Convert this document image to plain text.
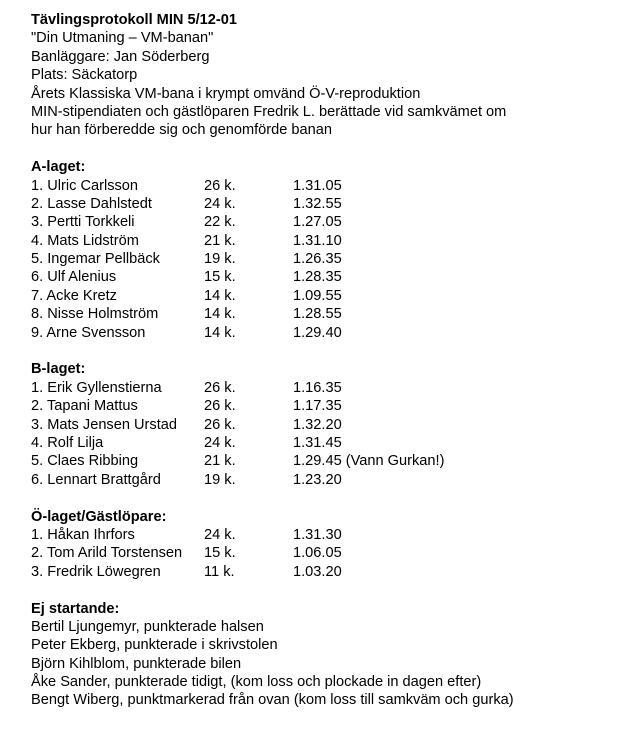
Tävlingsprotokoll MIN 5/12-01
"Din Utmaning – VM-banan"
Banläggare: Jan Söderberg
Plats: Säckatorp
Årets Klassiska VM-bana i krympt omvänd Ö-V-reproduktion
MIN-stipendiaten och gästlöparen Fredrik L. berättade vid samkvämet om
hur han förberedde sig och genomförde banan
A-laget:
1. Ulric Carlsson	26 k.	1.31.05
2. Lasse Dahlstedt	24 k.	1.32.55
3. Pertti Torkkeli	22 k.	1.27.05
4. Mats Lidström	21 k.	1.31.10
5. Ingemar Pellbäck	19 k.	1.26.35
6. Ulf Alenius	15 k.	1.28.35
7. Acke Kretz	14 k.	1.09.55
8. Nisse Holmström	14 k.	1.28.55
9. Arne Svensson	14 k.	1.29.40
B-laget:
1. Erik Gyllenstierna	26 k.	1.16.35
2. Tapani Mattus	26 k.	1.17.35
3. Mats Jensen Urstad 26 k.	1.32.20
4. Rolf Lilja	24 k.	1.31.45
5. Claes Ribbing	21 k.	1.29.45 (Vann Gurkan!)
6. Lennart Brattgård	19 k.	1.23.20
Ö-laget/Gästlöpare:
1. Håkan Ihrfors	24 k.	1.31.30
2. Tom Arild Torstensen 15 k.	1.06.05
3. Fredrik Löwegren	11 k.	1.03.20
Ej startande:
Bertil Ljungemyr, punkterade halsen
Peter Ekberg, punkterade i skrivstolen
Björn Kihlblom, punkterade bilen
Åke Sander, punkterade tidigt, (kom loss och plockade in dagen efter)
Bengt Wiberg, punktmarkerad från ovan (kom loss till samkväm och gurka)
